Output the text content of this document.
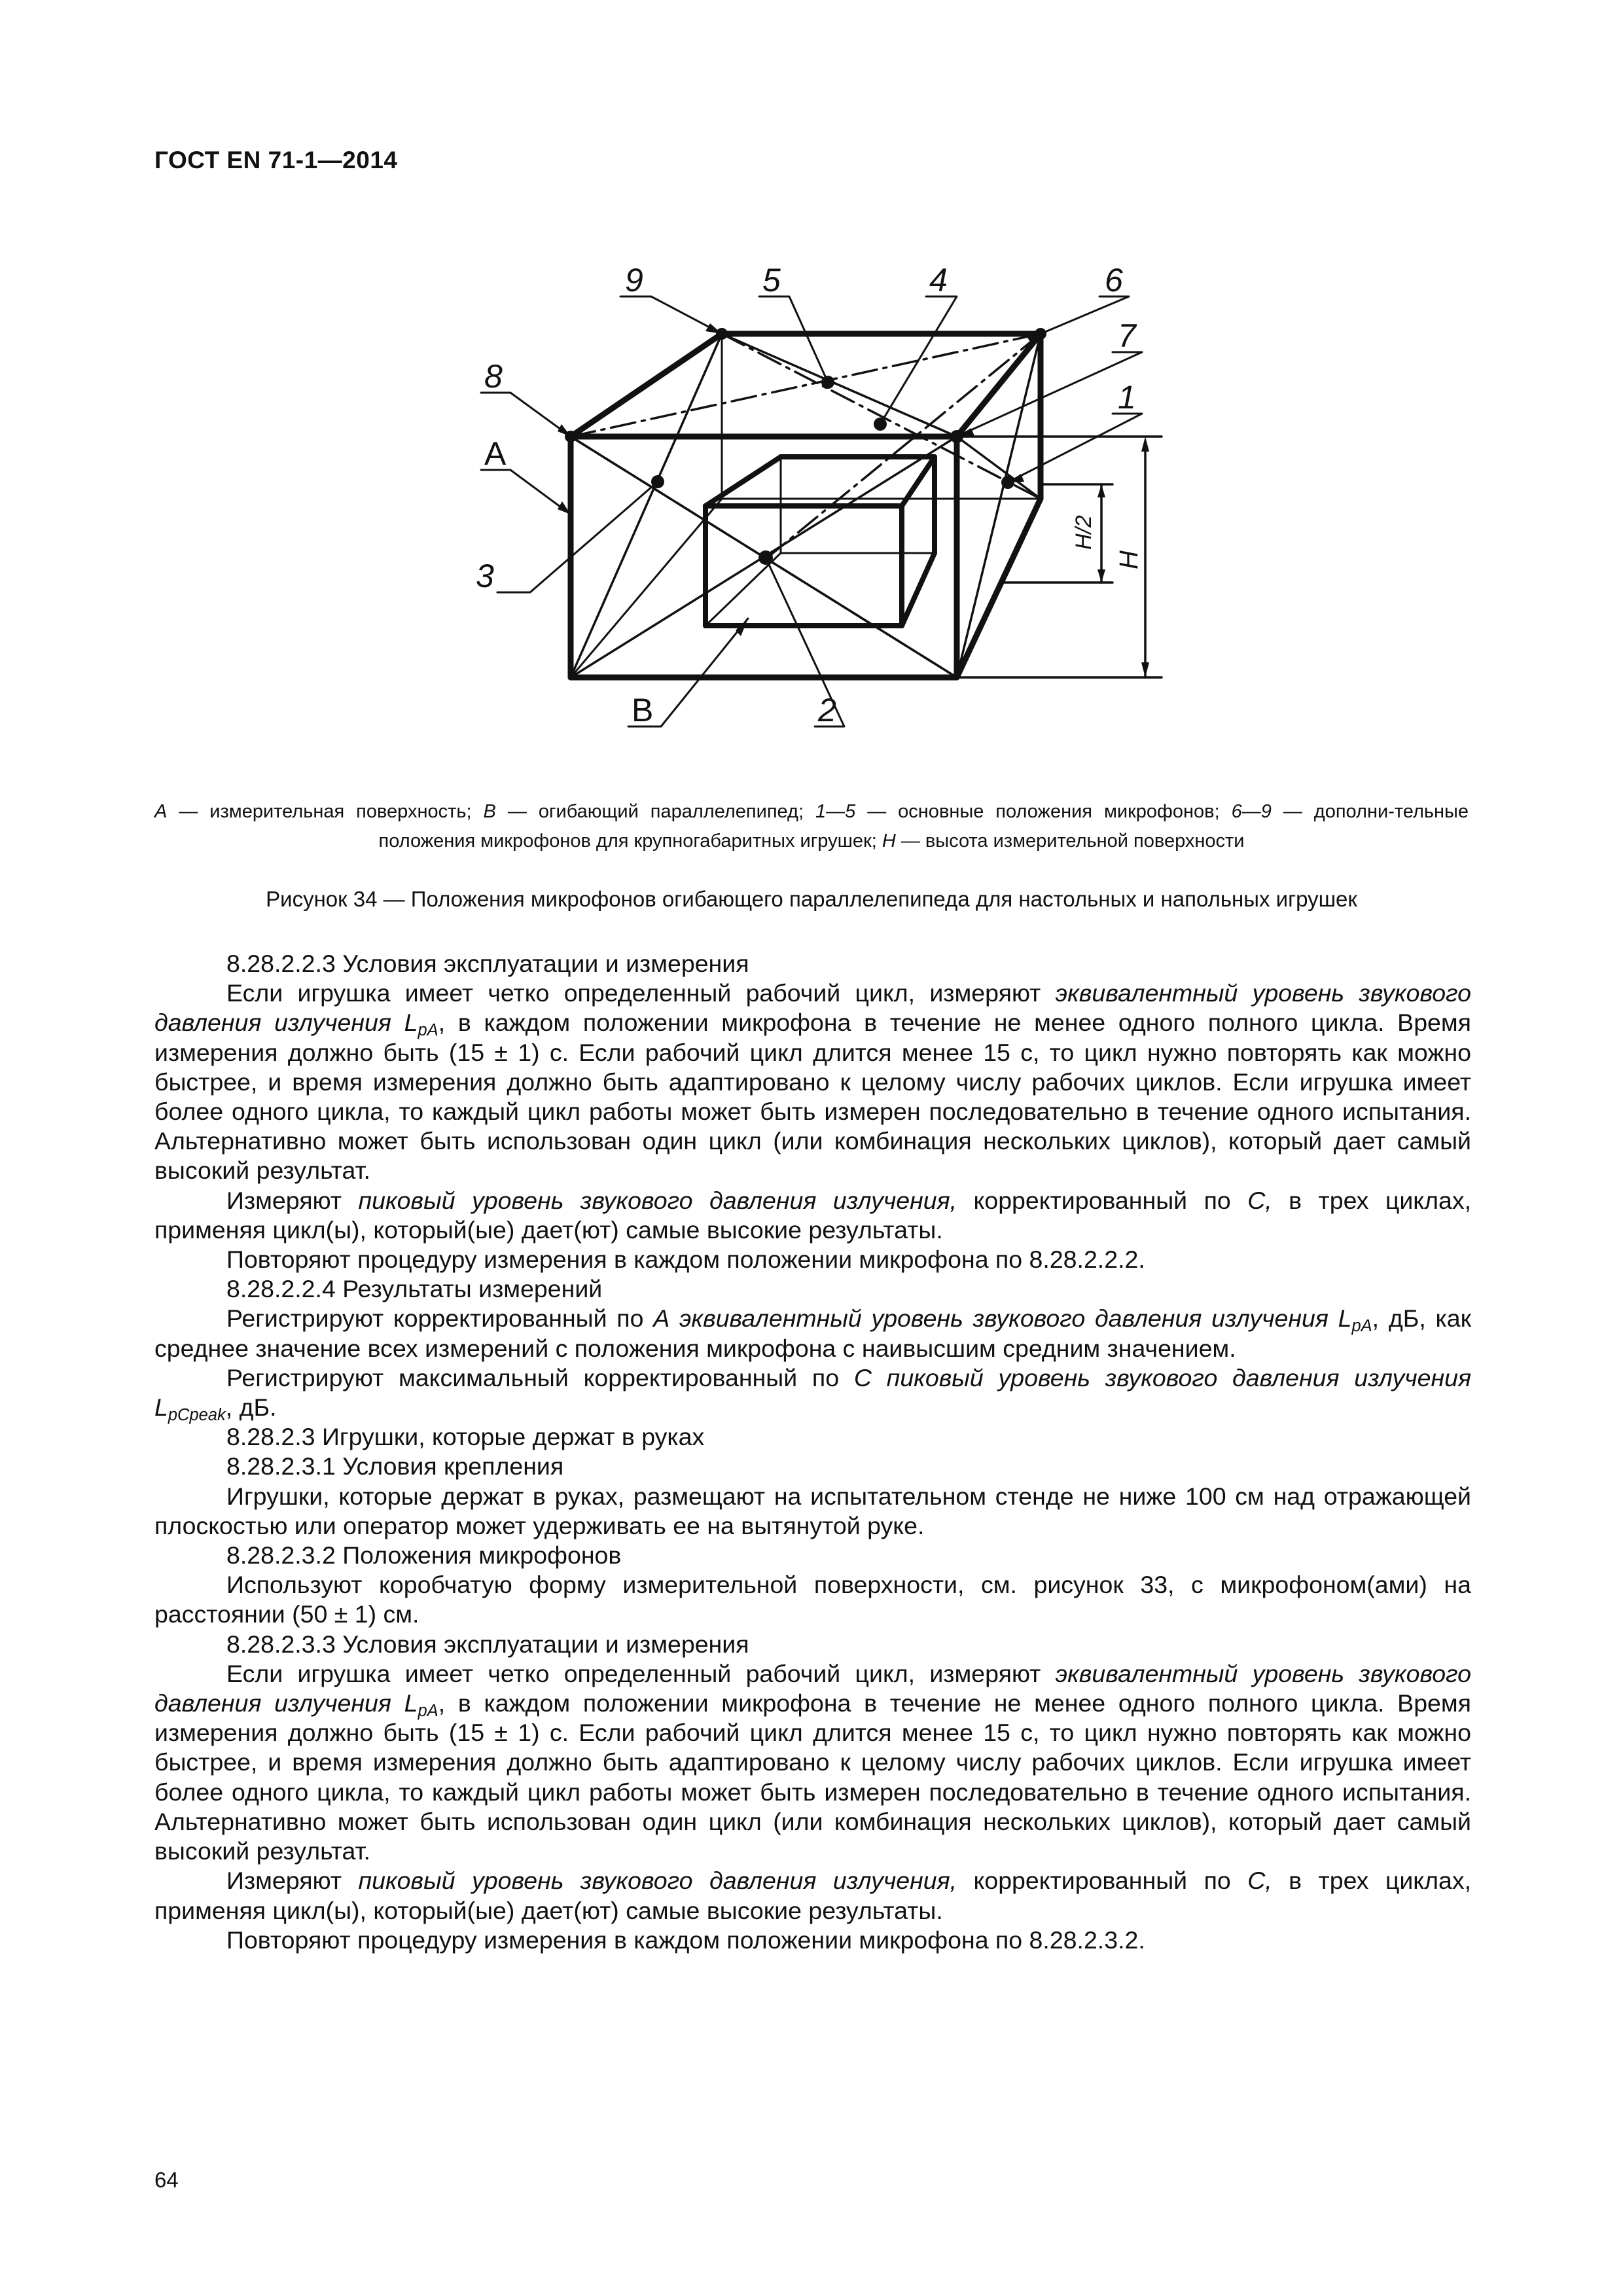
ГОСТ EN 71-1—2014
9	5	4	6
7
8
1
А
3
В	2
H/2
H

А — измерительная поверхность; В — огибающий параллелепипед; 1—5 — основные положения микрофонов; 6—9 — дополни-тельные положения микрофонов для крупногабаритных игрушек; Н — высота измерительной поверхности

Рисунок 34 — Положения микрофонов огибающего параллелепипеда для настольных и напольных игрушек

8.28.2.2.3 Условия эксплуатации и измерения

Если игрушка имеет четко определенный рабочий цикл, измеряют эквивалентный уровень звукового давления излучения $L_{pA}$, в каждом положении микрофона в течение не менее одного полного цикла. Время измерения должно быть (15 ± 1) с. Если рабочий цикл длится менее 15 с, то цикл нужно повторять как можно быстрее, и время измерения должно быть адаптировано к целому числу рабочих циклов. Если игрушка имеет более одного цикла, то каждый цикл работы может быть измерен последовательно в течение одного испытания. Альтернативно может быть использован один цикл (или комбинация нескольких циклов), который дает самый высокий результат.

Измеряют пиковый уровень звукового давления излучения, корректированный по С, в трех циклах, применяя цикл(ы), который(ые) дает(ют) самые высокие результаты.

Повторяют процедуру измерения в каждом положении микрофона по 8.28.2.2.2.

8.28.2.2.4 Результаты измерений

Регистрируют корректированный по А эквивалентный уровень звукового давления излучения $L_{pA}$, дБ, как среднее значение всех измерений с положения микрофона с наивысшим средним значением.

Регистрируют максимальный корректированный по С пиковый уровень звукового давления излучения $L_{pCpeak}$, дБ.

8.28.2.3 Игрушки, которые держат в руках

8.28.2.3.1 Условия крепления

Игрушки, которые держат в руках, размещают на испытательном стенде не ниже 100 см над отражающей плоскостью или оператор может удерживать ее на вытянутой руке.

8.28.2.3.2 Положения микрофонов

Используют коробчатую форму измерительной поверхности, см. рисунок 33, с микрофоном(ами) на расстоянии (50 ± 1) см.

8.28.2.3.3 Условия эксплуатации и измерения

Если игрушка имеет четко определенный рабочий цикл, измеряют эквивалентный уровень звукового давления излучения $L_{pA}$, в каждом положении микрофона в течение не менее одного полного цикла. Время измерения должно быть (15 ± 1) с. Если рабочий цикл длится менее 15 с, то цикл нужно повторять как можно быстрее, и время измерения должно быть адаптировано к целому числу рабочих циклов. Если игрушка имеет более одного цикла, то каждый цикл работы может быть измерен последовательно в течение одного испытания. Альтернативно может быть использован один цикл (или комбинация нескольких циклов), который дает самый высокий результат.

Измеряют пиковый уровень звукового давления излучения, корректированный по С, в трех циклах, применяя цикл(ы), который(ые) дает(ют) самые высокие результаты.

Повторяют процедуру измерения в каждом положении микрофона по 8.28.2.3.2.

64
